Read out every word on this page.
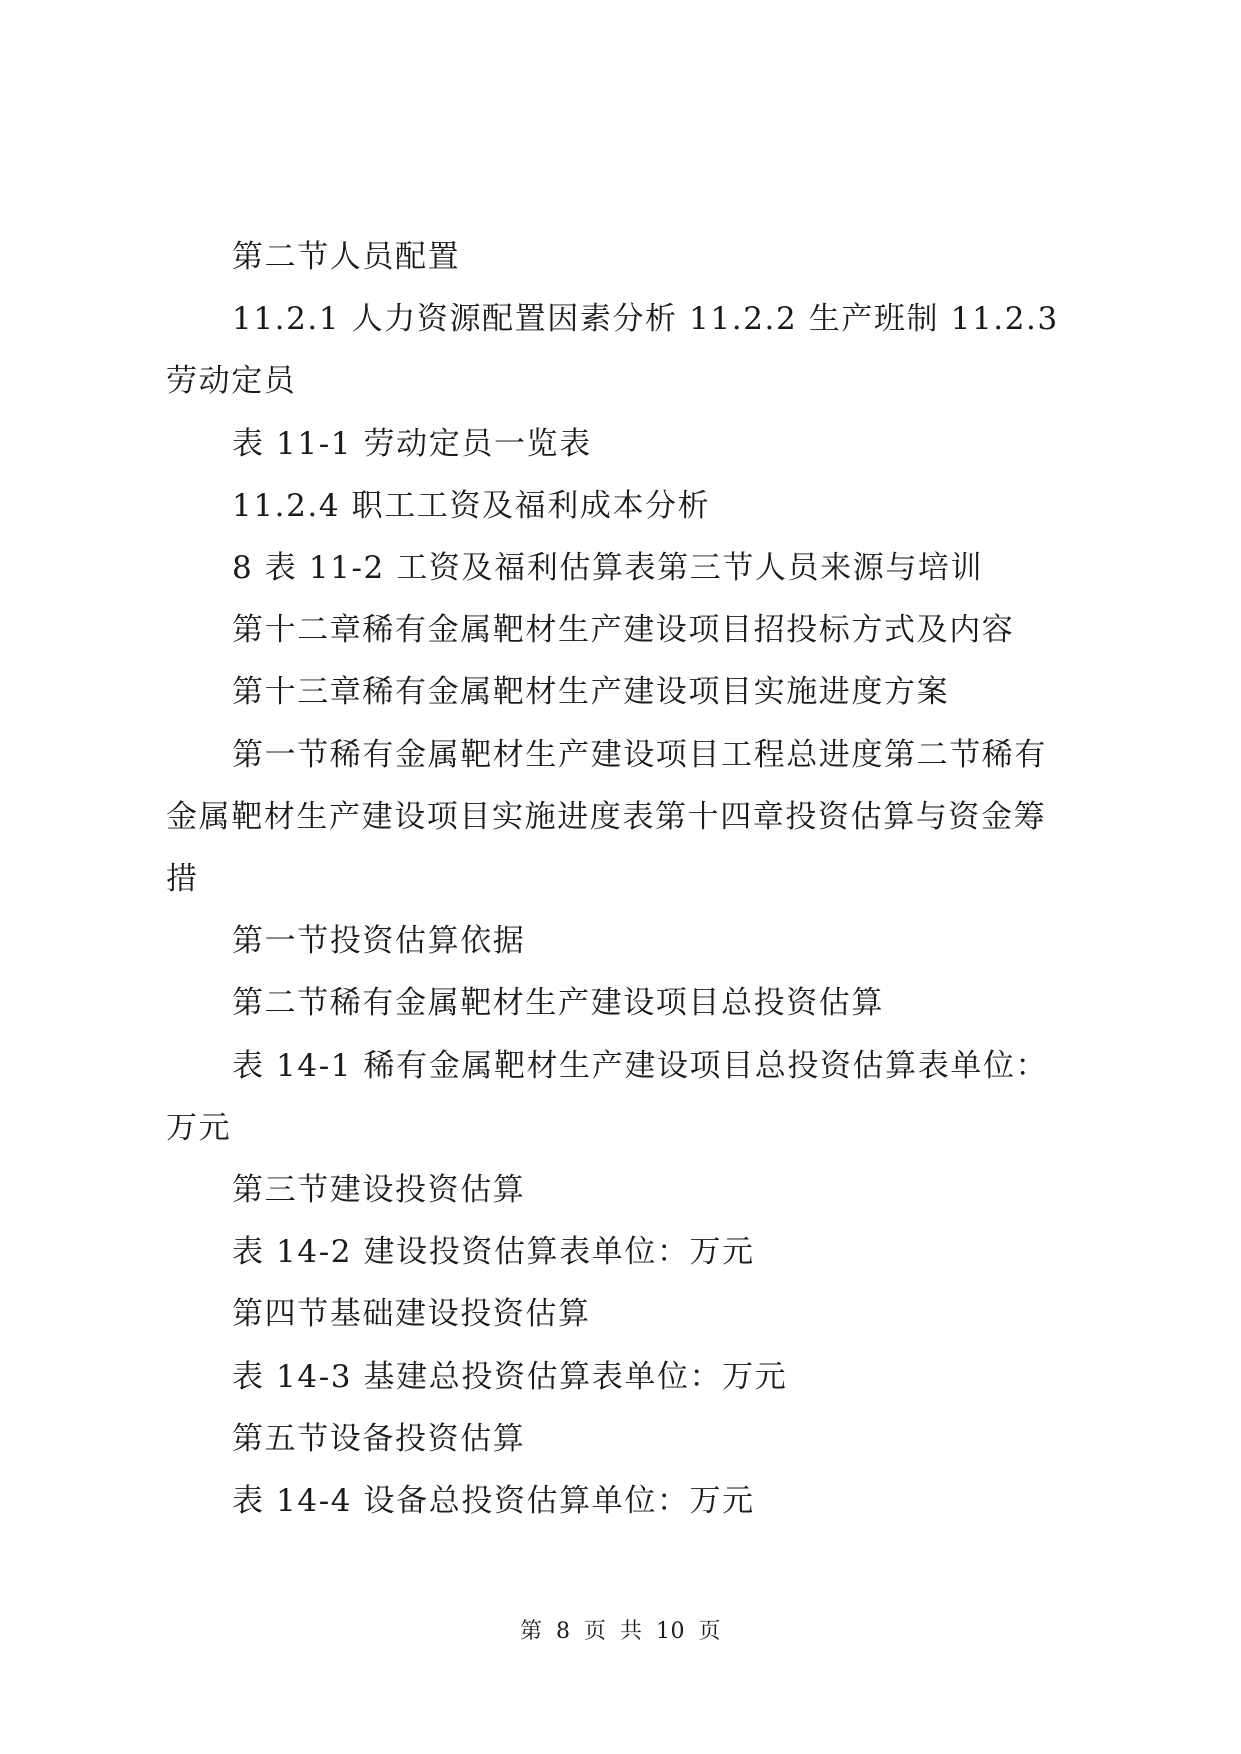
第二节人员配置

11.2.1 人力资源配置因素分析 11.2.2 生产班制 11.2.3 劳动定员

表 11-1 劳动定员一览表

11.2.4 职工工资及福利成本分析

8 表 11-2 工资及福利估算表第三节人员来源与培训

第十二章稀有金属靶材生产建设项目招投标方式及内容

第十三章稀有金属靶材生产建设项目实施进度方案

第一节稀有金属靶材生产建设项目工程总进度第二节稀有金属靶材生产建设项目实施进度表第十四章投资估算与资金筹措

第一节投资估算依据

第二节稀有金属靶材生产建设项目总投资估算

表 14-1 稀有金属靶材生产建设项目总投资估算表单位：万元

第三节建设投资估算

表 14-2 建设投资估算表单位：万元

第四节基础建设投资估算

表 14-3 基建总投资估算表单位：万元

第五节设备投资估算

表 14-4 设备总投资估算单位：万元

第 8 页 共 10 页
